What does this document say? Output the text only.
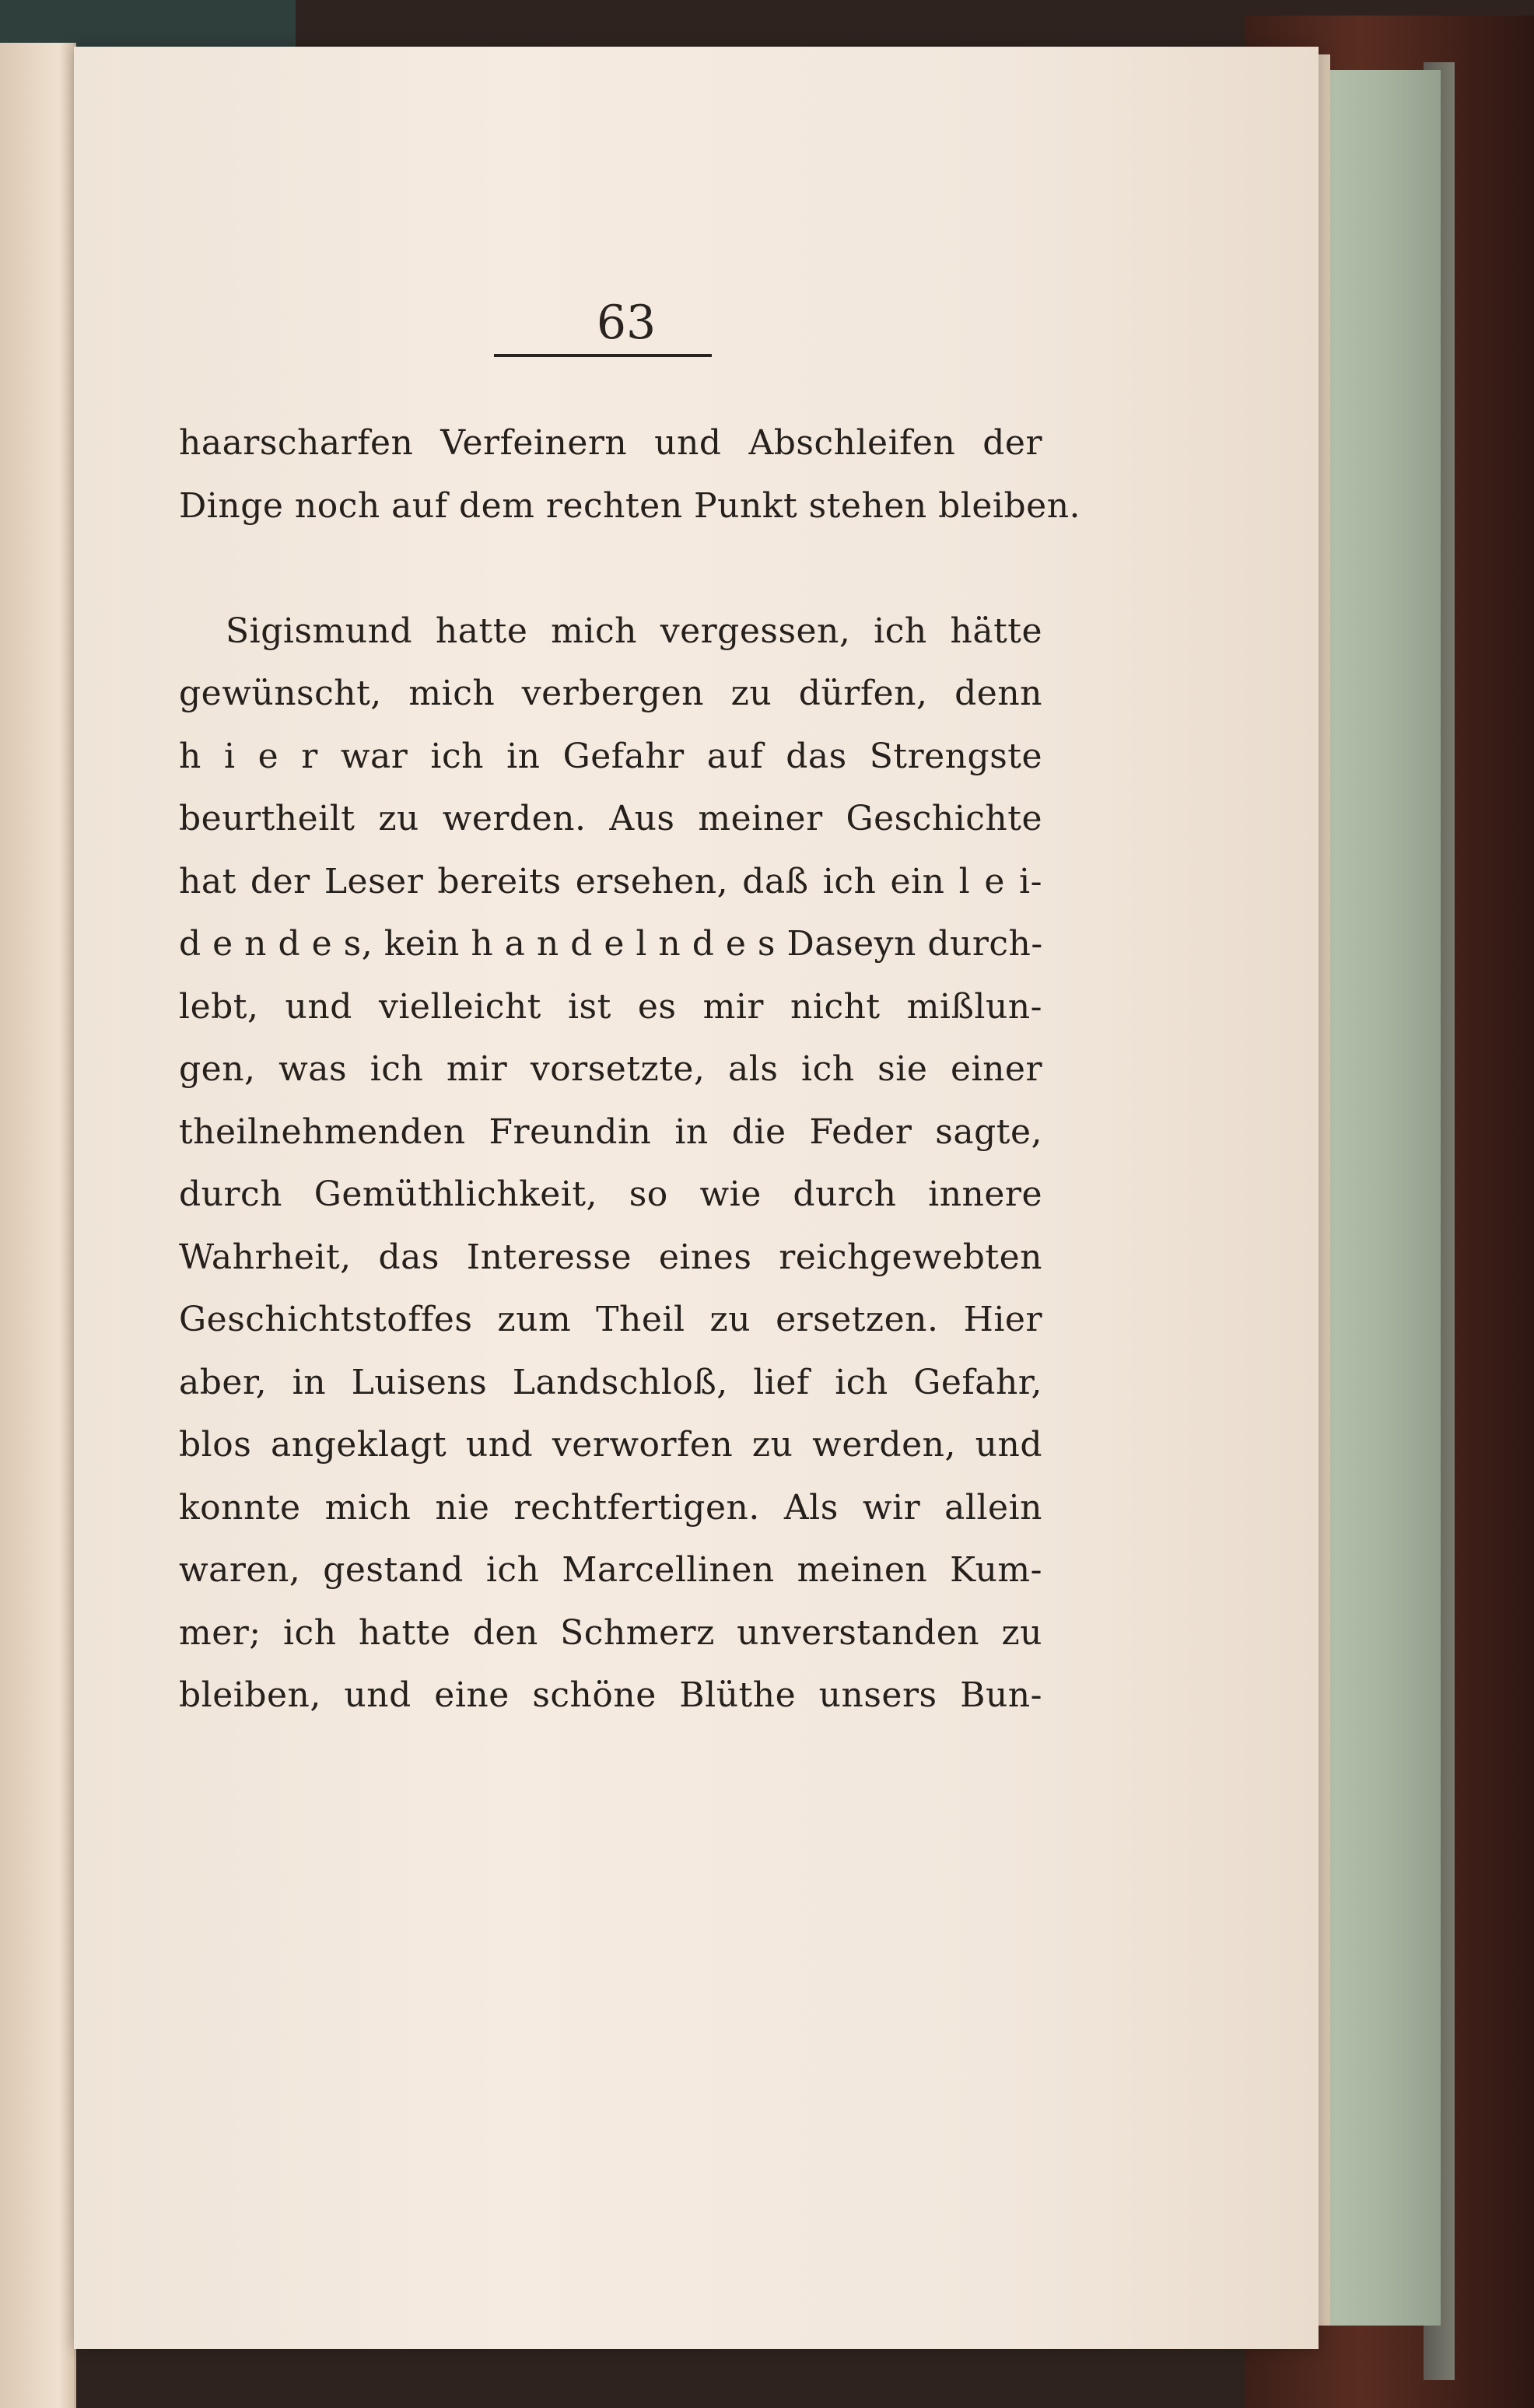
63
haarscharfen Verfeinern und Abschleifen der
Dinge noch auf dem rechten Punkt stehen bleiben.
Sigismund hatte mich vergessen, ich hätte
gewünscht, mich verbergen zu dürfen, denn
h i e r war ich in Gefahr auf das Strengste
beurtheilt zu werden. Aus meiner Geschichte
hat der Leser bereits ersehen, daß ich ein l e i-
d e n d e s, kein h a n d e l n d e s Daseyn durch-
lebt, und vielleicht ist es mir nicht mißlun-
gen, was ich mir vorsetzte, als ich sie einer
theilnehmenden Freundin in die Feder sagte,
durch Gemüthlichkeit, so wie durch innere
Wahrheit, das Interesse eines reichgewebten
Geschichtstoffes zum Theil zu ersetzen. Hier
aber, in Luisens Landschloß, lief ich Gefahr,
blos angeklagt und verworfen zu werden, und
konnte mich nie rechtfertigen. Als wir allein
waren, gestand ich Marcellinen meinen Kum-
mer; ich hatte den Schmerz unverstanden zu
bleiben, und eine schöne Blüthe unsers Bun-
